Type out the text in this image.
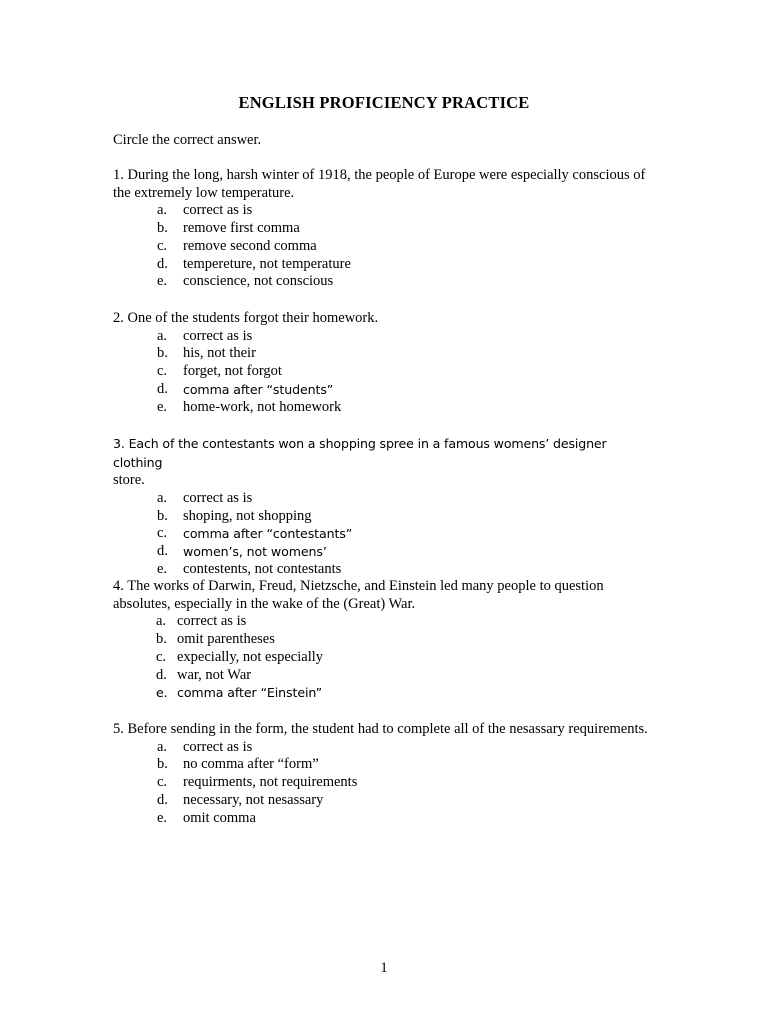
ENGLISH PROFICIENCY PRACTICE
Circle the correct answer.

1. During the long, harsh winter of 1918, the people of Europe were especially conscious of the extremely low temperature.

a.	correct as is
b.	remove first comma
c.	remove second comma
d.	tempereture, not temperature
e.	conscience, not conscious

2. One of the students forgot their homework.

a.	correct as is
b.	his, not their
c.	forget, not forgot
d.	comma after “students”
e.	home-work, not homework

3. Each of the contestants won a shopping spree in a famous womens’ designer clothing
store.

a.	correct as is
b.	shoping, not shopping
c.	comma after “contestants”
d.	women’s, not womens’
e.	contestents, not contestants

4. The works of Darwin, Freud, Nietzsche, and Einstein led many people to question absolutes, especially in the wake of the (Great) War.

a. correct as is
b. omit parentheses
c. expecially, not especially
d. war, not War
e. comma after “Einstein”

5. Before sending in the form, the student had to complete all of the nesassary requirements.

a.	correct as is
b.	no comma after “form”
c.	requirments, not requirements
d.	necessary, not nesassary
e.	omit comma
1
